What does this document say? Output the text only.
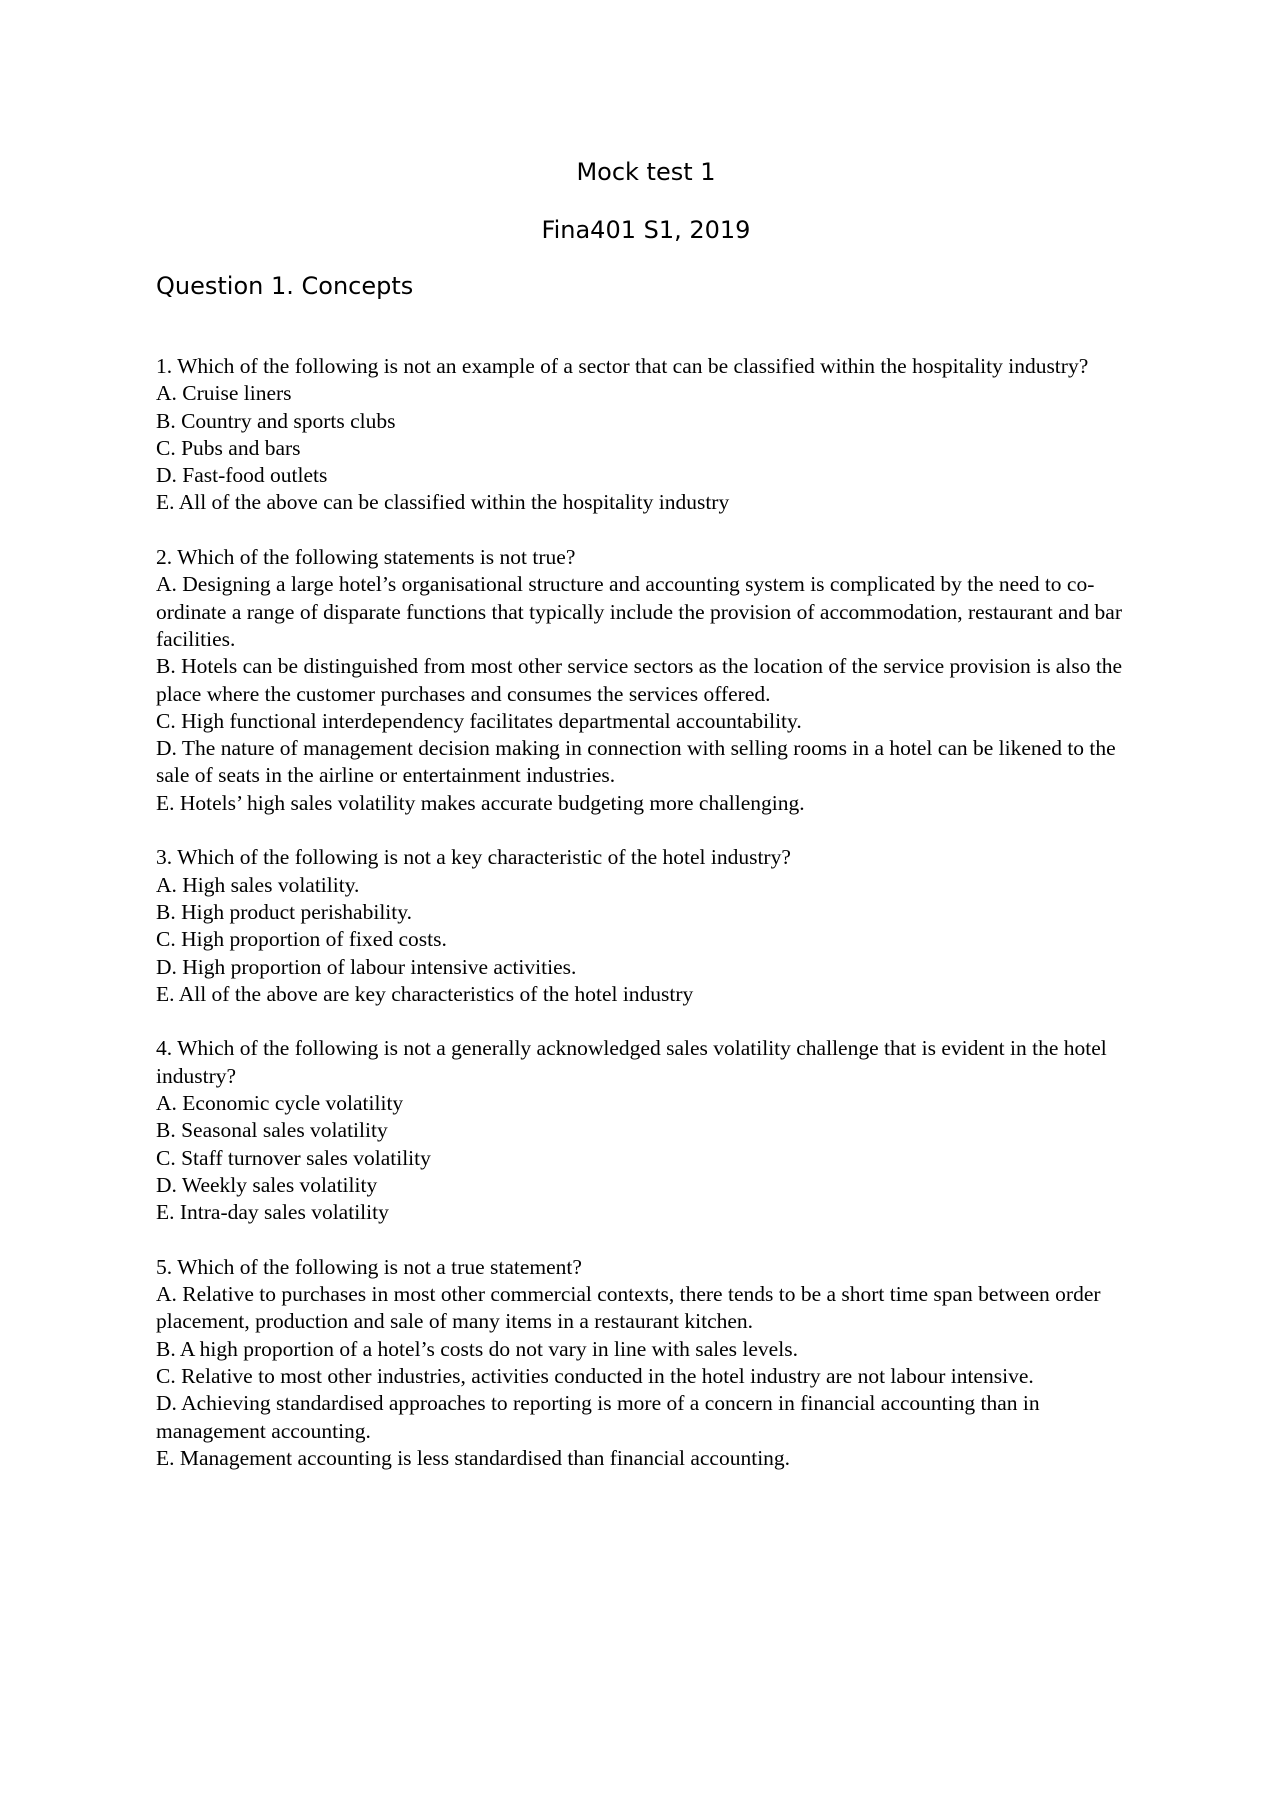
Mock test 1

Fina401 S1, 2019

Question 1. Concepts

1. Which of the following is not an example of a sector that can be classified within the hospitality industry?

A. Cruise liners

B. Country and sports clubs

C. Pubs and bars

D. Fast-food outlets

E. All of the above can be classified within the hospitality industry

2. Which of the following statements is not true?

A. Designing a large hotel’s organisational structure and accounting system is complicated by the need to co-ordinate a range of disparate functions that typically include the provision of accommodation, restaurant and bar facilities.

B. Hotels can be distinguished from most other service sectors as the location of the service provision is also the place where the customer purchases and consumes the services offered.

C. High functional interdependency facilitates departmental accountability.

D. The nature of management decision making in connection with selling rooms in a hotel can be likened to the sale of seats in the airline or entertainment industries.

E. Hotels’ high sales volatility makes accurate budgeting more challenging.

3. Which of the following is not a key characteristic of the hotel industry?

A. High sales volatility.

B. High product perishability.

C. High proportion of fixed costs.

D. High proportion of labour intensive activities.

E. All of the above are key characteristics of the hotel industry

4. Which of the following is not a generally acknowledged sales volatility challenge that is evident in the hotel industry?

A. Economic cycle volatility

B. Seasonal sales volatility

C. Staff turnover sales volatility

D. Weekly sales volatility

E. Intra-day sales volatility

5. Which of the following is not a true statement?

A. Relative to purchases in most other commercial contexts, there tends to be a short time span between order placement, production and sale of many items in a restaurant kitchen.

B. A high proportion of a hotel’s costs do not vary in line with sales levels.

C. Relative to most other industries, activities conducted in the hotel industry are not labour intensive.

D. Achieving standardised approaches to reporting is more of a concern in financial accounting than in management accounting.

E. Management accounting is less standardised than financial accounting.
